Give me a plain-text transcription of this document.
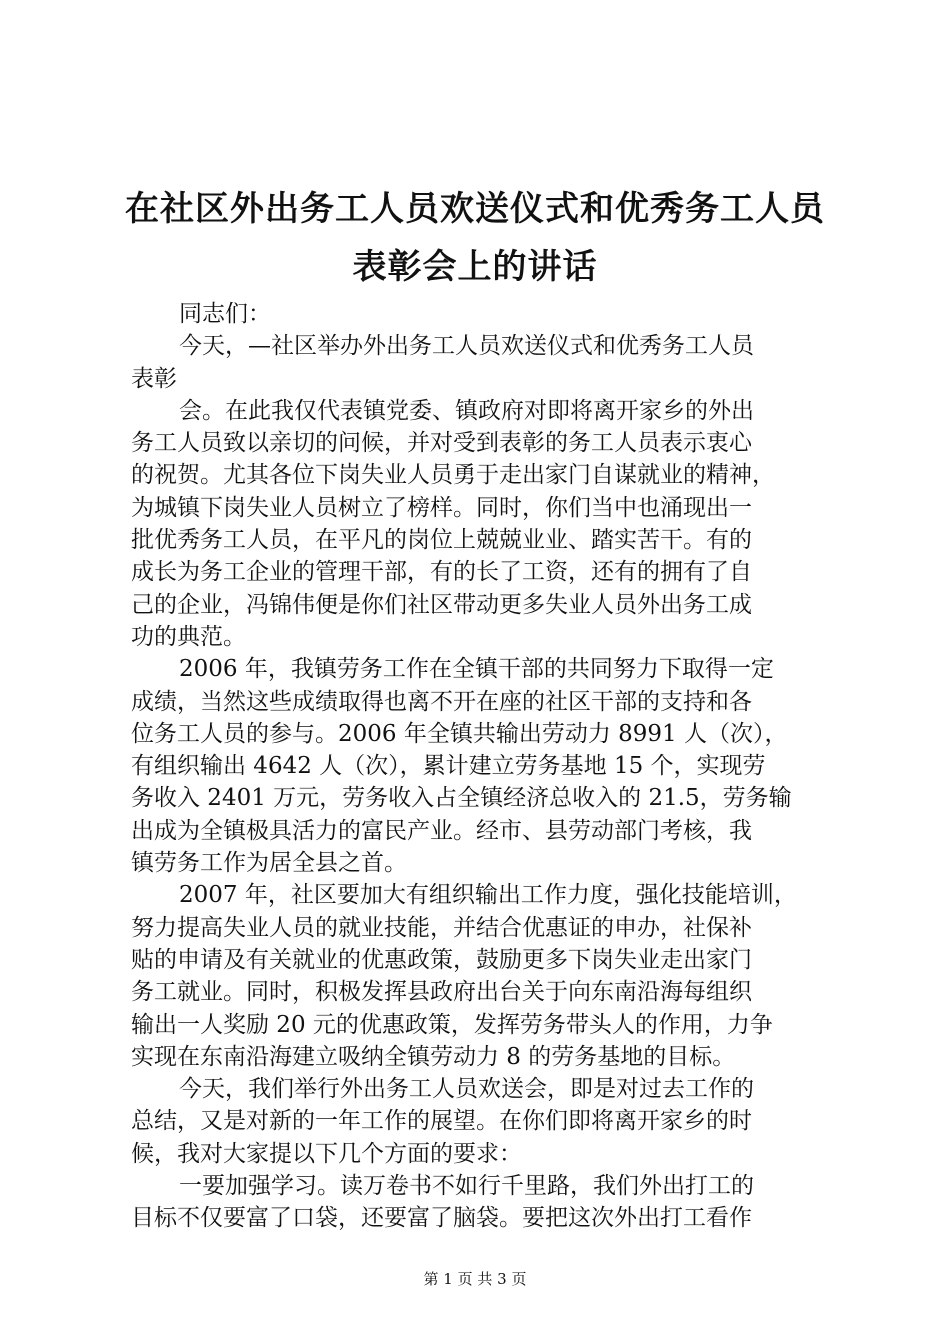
在社区外出务工人员欢送仪式和优秀务工人员
表彰会上的讲话
同志们：
今天，—社区举办外出务工人员欢送仪式和优秀务工人员
表彰
会。在此我仅代表镇党委、镇政府对即将离开家乡的外出
务工人员致以亲切的问候，并对受到表彰的务工人员表示衷心
的祝贺。尤其各位下岗失业人员勇于走出家门自谋就业的精神，
为城镇下岗失业人员树立了榜样。同时，你们当中也涌现出一
批优秀务工人员，在平凡的岗位上兢兢业业、踏实苦干。有的
成长为务工企业的管理干部，有的长了工资，还有的拥有了自
己的企业，冯锦伟便是你们社区带动更多失业人员外出务工成
功的典范。
2006 年，我镇劳务工作在全镇干部的共同努力下取得一定
成绩，当然这些成绩取得也离不开在座的社区干部的支持和各
位务工人员的参与。2006 年全镇共输出劳动力 8991 人（次），
有组织输出 4642 人（次），累计建立劳务基地 15 个，实现劳
务收入 2401 万元，劳务收入占全镇经济总收入的 21.5，劳务输
出成为全镇极具活力的富民产业。经市、县劳动部门考核，我
镇劳务工作为居全县之首。
2007 年，社区要加大有组织输出工作力度，强化技能培训，
努力提高失业人员的就业技能，并结合优惠证的申办，社保补
贴的申请及有关就业的优惠政策，鼓励更多下岗失业走出家门
务工就业。同时，积极发挥县政府出台关于向东南沿海每组织
输出一人奖励 20 元的优惠政策，发挥劳务带头人的作用，力争
实现在东南沿海建立吸纳全镇劳动力 8 的劳务基地的目标。
今天，我们举行外出务工人员欢送会，即是对过去工作的
总结，又是对新的一年工作的展望。在你们即将离开家乡的时
候，我对大家提以下几个方面的要求：
一要加强学习。读万卷书不如行千里路，我们外出打工的
目标不仅要富了口袋，还要富了脑袋。要把这次外出打工看作
第 1 页 共 3 页
